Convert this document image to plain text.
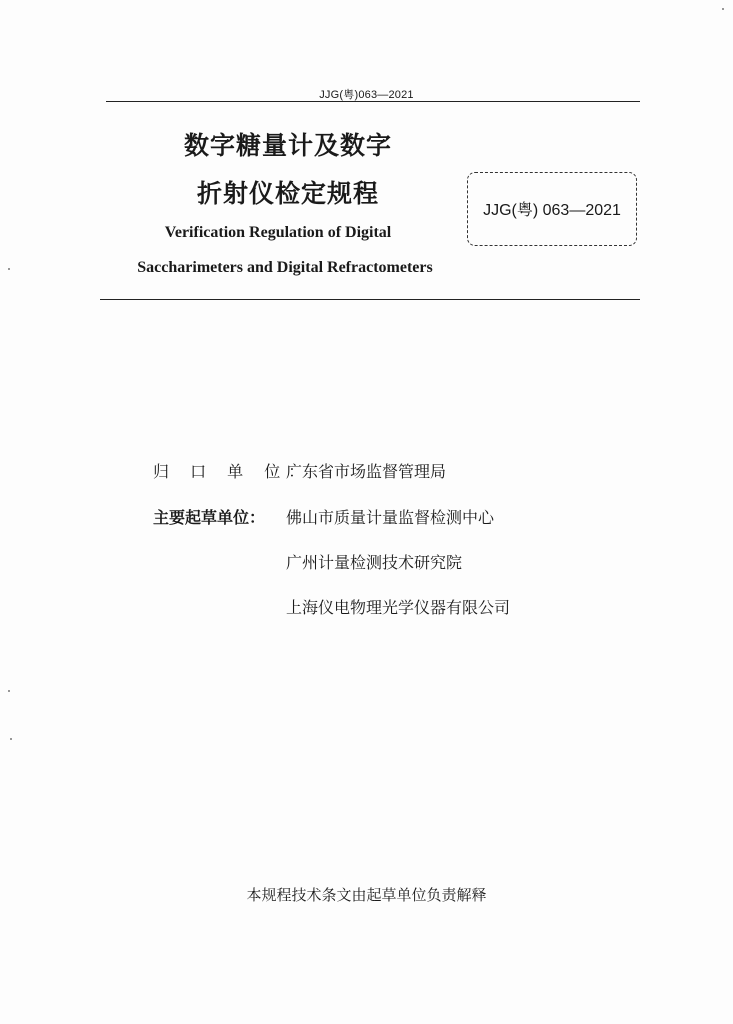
JJG(粤)063—2021
数字糖量计及数字
折射仪检定规程
Verification Regulation of Digital
Saccharimeters and Digital Refractometers
JJG(粤) 063—2021
归 口 单 位：
广东省市场监督管理局
主要起草单位： 佛山市质量计量监督检测中心
广州计量检测技术研究院
上海仪电物理光学仪器有限公司
本规程技术条文由起草单位负责解释
